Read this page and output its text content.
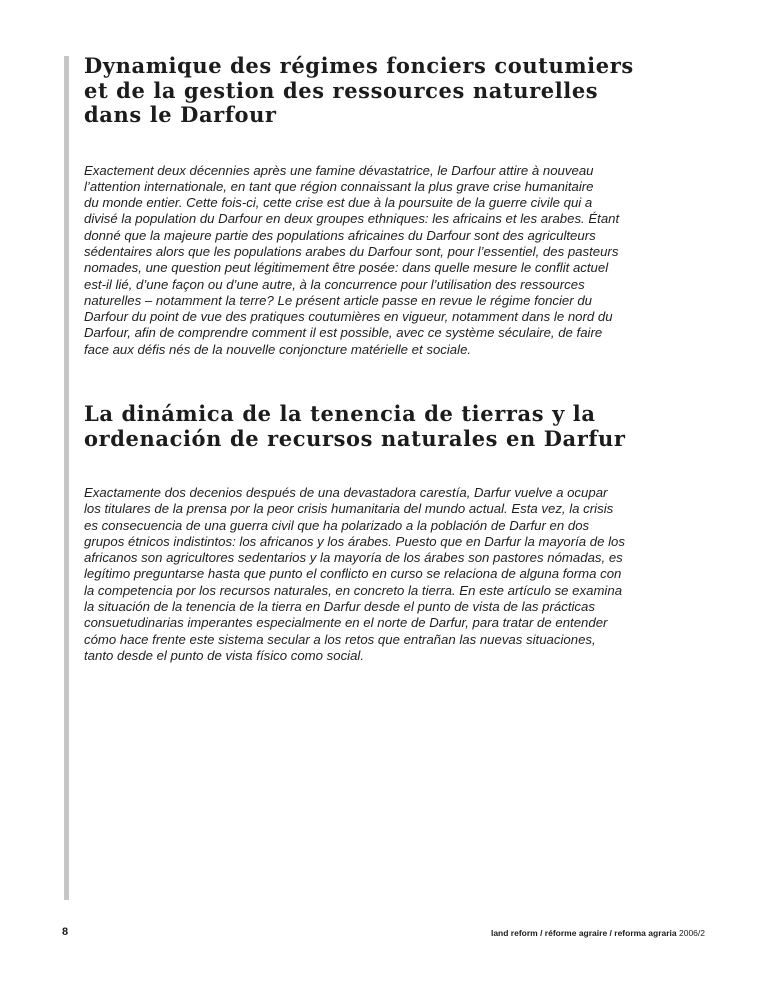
Dynamique des régimes fonciers coutumiers
et de la gestion des ressources naturelles
dans le Darfour

Exactement deux décennies après une famine dévastatrice, le Darfour attire à nouveau
l’attention internationale, en tant que région connaissant la plus grave crise humanitaire
du monde entier. Cette fois-ci, cette crise est due à la poursuite de la guerre civile qui a
divisé la population du Darfour en deux groupes ethniques: les africains et les arabes. Étant
donné que la majeure partie des populations africaines du Darfour sont des agriculteurs
sédentaires alors que les populations arabes du Darfour sont, pour l’essentiel, des pasteurs
nomades, une question peut légitimement être posée: dans quelle mesure le conflit actuel
est-il lié, d’une façon ou d’une autre, à la concurrence pour l’utilisation des ressources
naturelles – notamment la terre? Le présent article passe en revue le régime foncier du
Darfour du point de vue des pratiques coutumières en vigueur, notamment dans le nord du
Darfour, afin de comprendre comment il est possible, avec ce système séculaire, de faire
face aux défis nés de la nouvelle conjoncture matérielle et sociale.

La dinámica de la tenencia de tierras y la
ordenación de recursos naturales en Darfur

Exactamente dos decenios después de una devastadora carestía, Darfur vuelve a ocupar
los titulares de la prensa por la peor crisis humanitaria del mundo actual. Esta vez, la crisis
es consecuencia de una guerra civil que ha polarizado a la población de Darfur en dos
grupos étnicos indistintos: los africanos y los árabes. Puesto que en Darfur la mayoría de los
africanos son agricultores sedentarios y la mayoría de los árabes son pastores nómadas, es
legítimo preguntarse hasta que punto el conflicto en curso se relaciona de alguna forma con
la competencia por los recursos naturales, en concreto la tierra. En este artículo se examina
la situación de la tenencia de la tierra en Darfur desde el punto de vista de las prácticas
consuetudinarias imperantes especialmente en el norte de Darfur, para tratar de entender
cómo hace frente este sistema secular a los retos que entrañan las nuevas situaciones,
tanto desde el punto de vista físico como social.

8	land reform / réforme agraire / reforma agraria 2006/2
